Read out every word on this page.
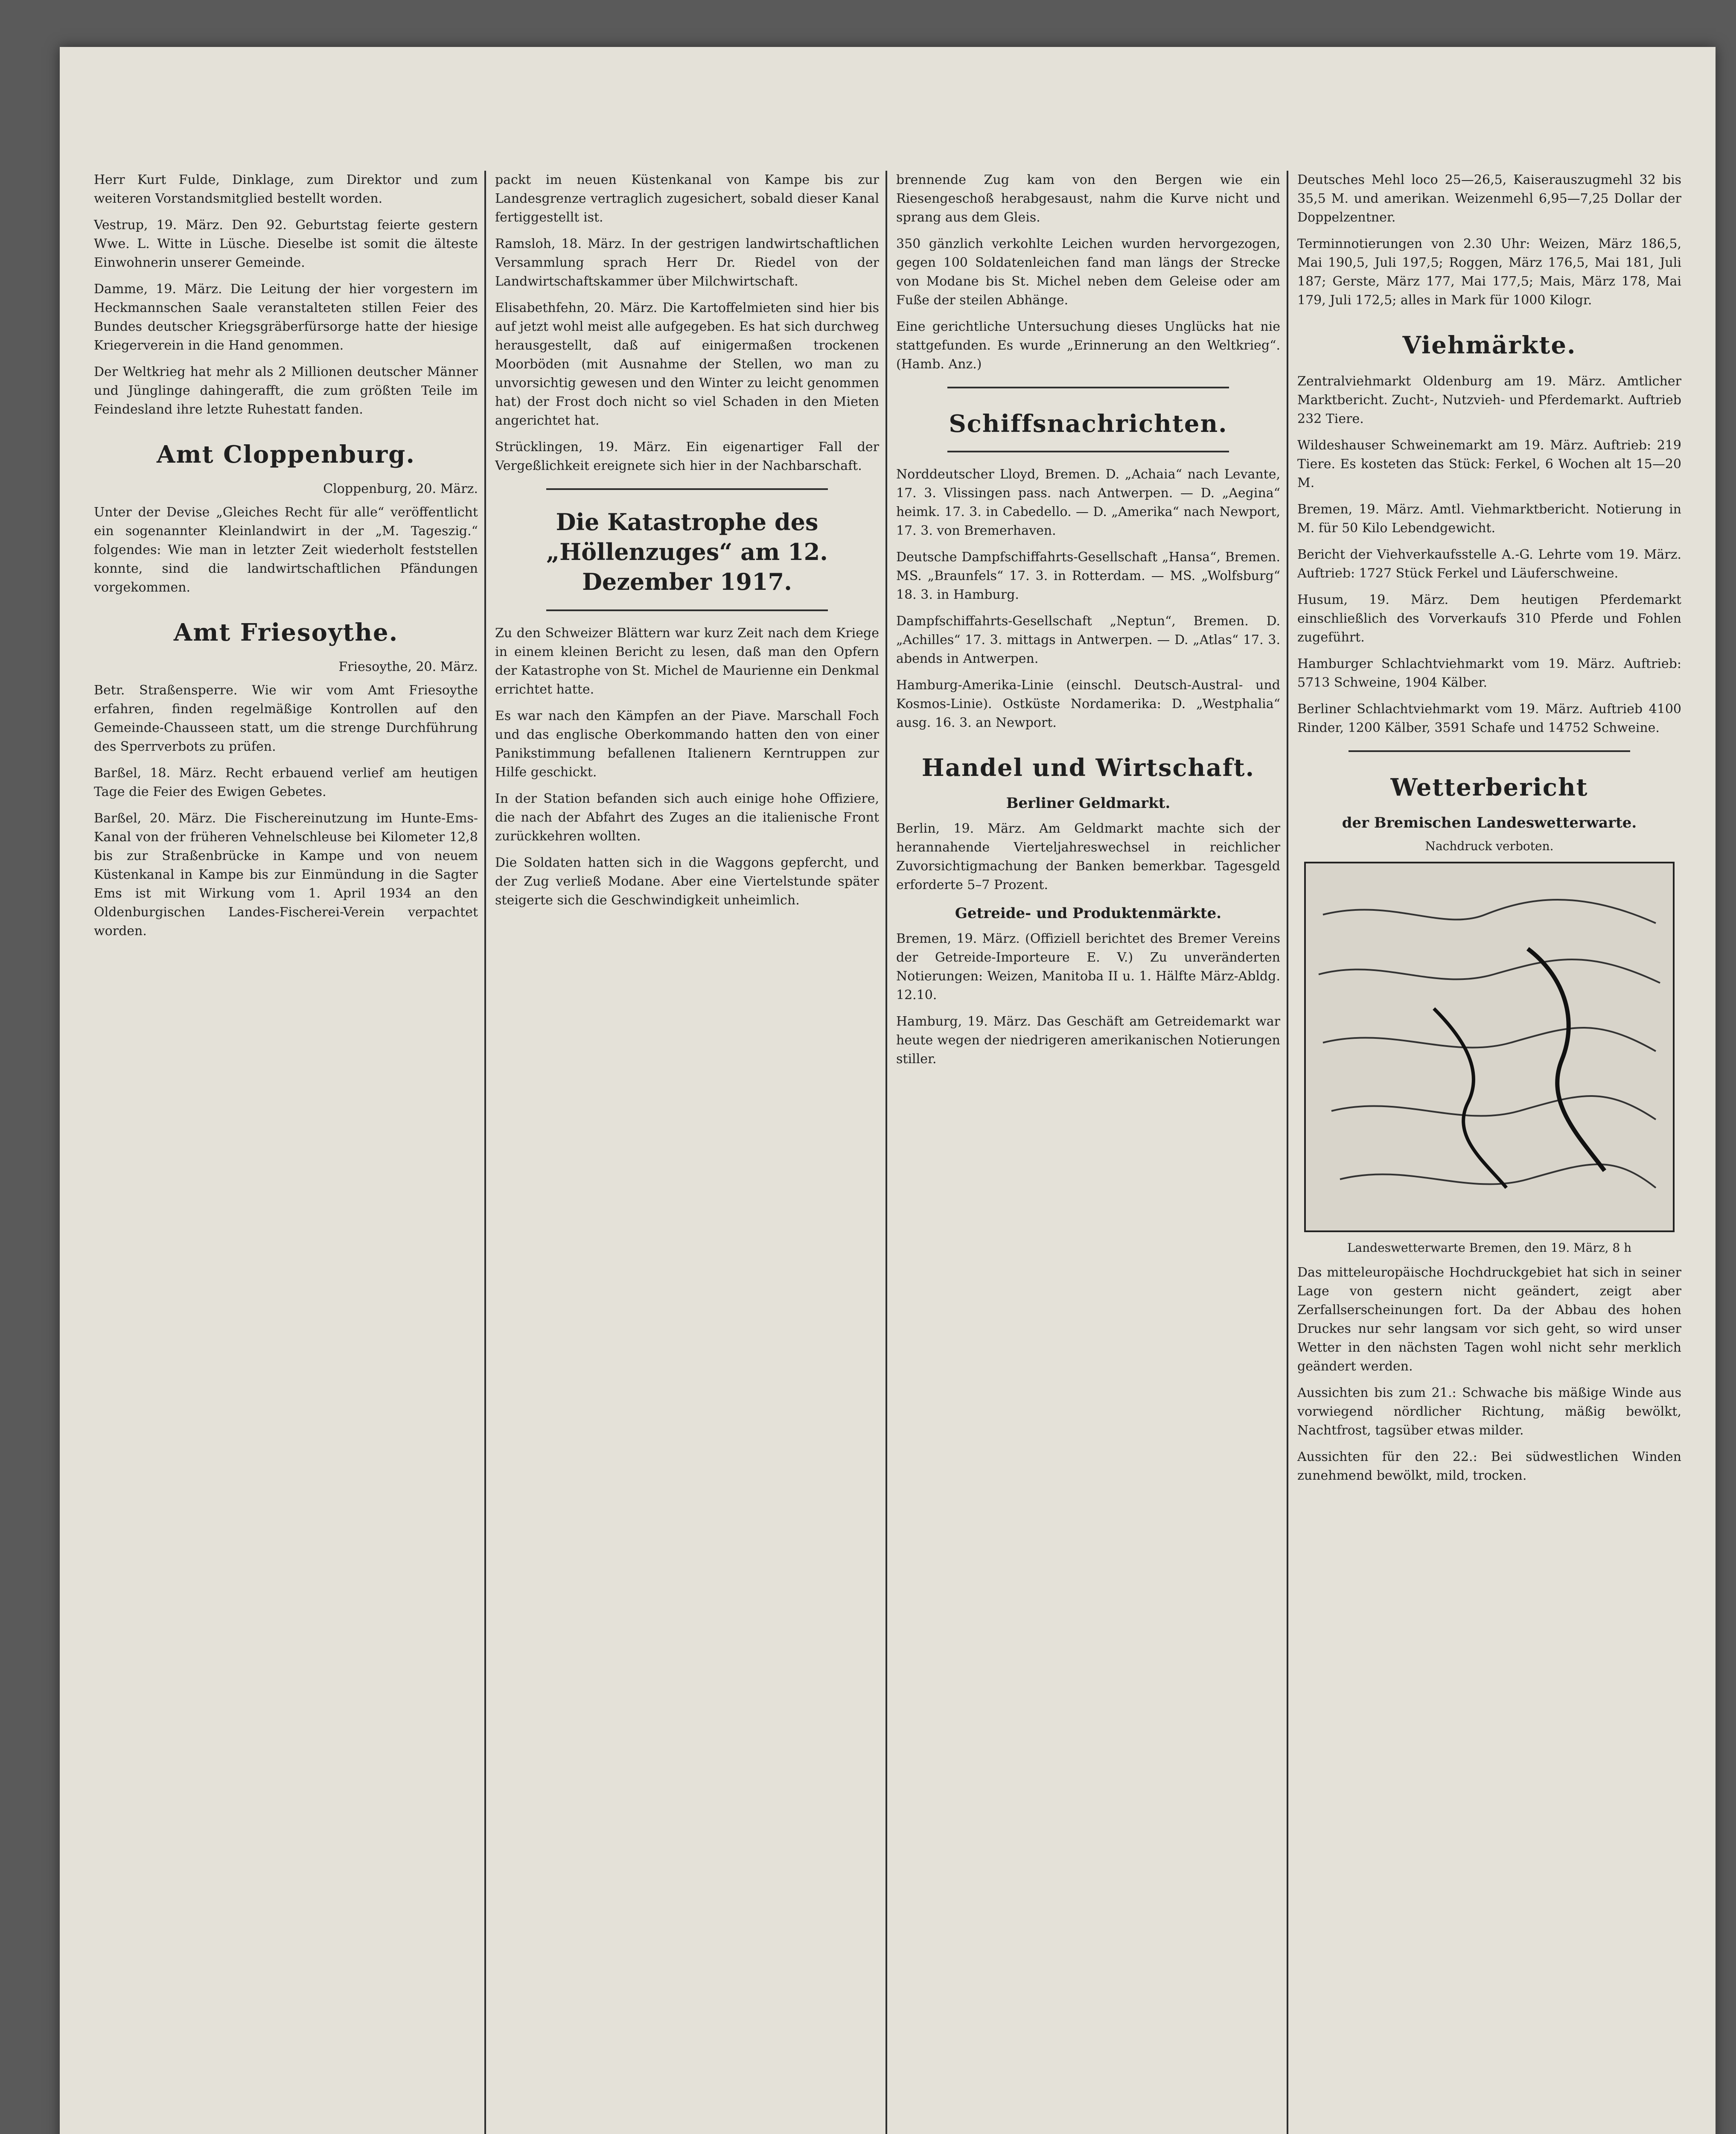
Herr Kurt Fulde, Dinklage, zum Direktor und zum weiteren Vorstandsmitglied bestellt worden.

Vestrup, 19. März. Den 92. Geburtstag feierte gestern Wwe. L. Witte in Lüsche. Dieselbe ist somit die älteste Einwohnerin unserer Gemeinde.

Damme, 19. März. Die Leitung der hier vorgestern im Heckmannschen Saale veranstalteten stillen Feier des Bundes deutscher Kriegsgräberfürsorge hatte der hiesige Kriegerverein in die Hand genommen.

Der Weltkrieg hat mehr als 2 Millionen deutscher Männer und Jünglinge dahingerafft, die zum größten Teile im Feindesland ihre letzte Ruhestatt fanden.

Amt Cloppenburg.
Cloppenburg, 20. März.

Unter der Devise „Gleiches Recht für alle“ veröffentlicht ein sogenannter Kleinlandwirt in der „M. Tageszig.“ folgendes: Wie man in letzter Zeit wiederholt feststellen konnte, sind die landwirtschaftlichen Pfändungen vorgekommen.

Amt Friesoythe.
Friesoythe, 20. März.

Betr. Straßensperre. Wie wir vom Amt Friesoythe erfahren, finden regelmäßige Kontrollen auf den Gemeinde-Chausseen statt, um die strenge Durchführung des Sperrverbots zu prüfen.

Barßel, 18. März. Recht erbauend verlief am heutigen Tage die Feier des Ewigen Gebetes.

Barßel, 20. März. Die Fischereinutzung im Hunte-Ems-Kanal von der früheren Vehnelschleuse bei Kilometer 12,8 bis zur Straßenbrücke in Kampe und von neuem Küstenkanal in Kampe bis zur Einmündung in die Sagter Ems ist mit Wirkung vom 1. April 1934 an den Oldenburgischen Landes-Fischerei-Verein verpachtet worden.

packt im neuen Küstenkanal von Kampe bis zur Landesgrenze vertraglich zugesichert, sobald dieser Kanal fertiggestellt ist.

Ramsloh, 18. März. In der gestrigen landwirtschaftlichen Versammlung sprach Herr Dr. Riedel von der Landwirtschaftskammer über Milchwirtschaft.

Elisabethfehn, 20. März. Die Kartoffelmieten sind hier bis auf jetzt wohl meist alle aufgegeben. Es hat sich durchweg herausgestellt, daß auf einigermaßen trockenen Moorböden (mit Ausnahme der Stellen, wo man zu unvorsichtig gewesen und den Winter zu leicht genommen hat) der Frost doch nicht so viel Schaden in den Mieten angerichtet hat.

Strücklingen, 19. März. Ein eigenartiger Fall der Vergeßlichkeit ereignete sich hier in der Nachbarschaft.

Die Katastrophe des „Höllenzuges“ am 12. Dezember 1917.

Zu den Schweizer Blättern war kurz Zeit nach dem Kriege in einem kleinen Bericht zu lesen, daß man den Opfern der Katastrophe von St. Michel de Maurienne ein Denkmal errichtet hatte.

Es war nach den Kämpfen an der Piave. Marschall Foch und das englische Oberkommando hatten den von einer Panikstimmung befallenen Italienern Kerntruppen zur Hilfe geschickt.

In der Station befanden sich auch einige hohe Offiziere, die nach der Abfahrt des Zuges an die italienische Front zurückkehren wollten.

Die Soldaten hatten sich in die Waggons gepfercht, und der Zug verließ Modane. Aber eine Viertelstunde später steigerte sich die Geschwindigkeit unheimlich.

brennende Zug kam von den Bergen wie ein Riesengeschoß herabgesaust, nahm die Kurve nicht und sprang aus dem Gleis.

350 gänzlich verkohlte Leichen wurden hervorgezogen, gegen 100 Soldatenleichen fand man längs der Strecke von Modane bis St. Michel neben dem Geleise oder am Fuße der steilen Abhänge.

Eine gerichtliche Untersuchung dieses Unglücks hat nie stattgefunden. Es wurde „Erinnerung an den Weltkrieg“. (Hamb. Anz.)

Schiffsnachrichten.

Norddeutscher Lloyd, Bremen. D. „Achaia“ nach Levante, 17. 3. Vlissingen pass. nach Antwerpen. — D. „Aegina“ heimk. 17. 3. in Cabedello. — D. „Amerika“ nach Newport, 17. 3. von Bremerhaven.

Deutsche Dampfschiffahrts-Gesellschaft „Hansa“, Bremen. MS. „Braunfels“ 17. 3. in Rotterdam. — MS. „Wolfsburg“ 18. 3. in Hamburg.

Dampfschiffahrts-Gesellschaft „Neptun“, Bremen. D. „Achilles“ 17. 3. mittags in Antwerpen. — D. „Atlas“ 17. 3. abends in Antwerpen.

Hamburg-Amerika-Linie (einschl. Deutsch-Austral- und Kosmos-Linie). Ostküste Nordamerika: D. „Westphalia“ ausg. 16. 3. an Newport.

Handel und Wirtschaft.
Berliner Geldmarkt.

Berlin, 19. März. Am Geldmarkt machte sich der herannahende Vierteljahreswechsel in reichlicher Zuvorsichtigmachung der Banken bemerkbar. Tagesgeld erforderte 5–7 Prozent.

Getreide- und Produktenmärkte.

Bremen, 19. März. (Offiziell berichtet des Bremer Vereins der Getreide-Importeure E. V.) Zu unveränderten Notierungen: Weizen, Manitoba II u. 1. Hälfte März-Abldg. 12.10.

Hamburg, 19. März. Das Geschäft am Getreidemarkt war heute wegen der niedrigeren amerikanischen Notierungen stiller.

Deutsches Mehl loco 25—26,5, Kaiserauszugmehl 32 bis 35,5 M. und amerikan. Weizenmehl 6,95—7,25 Dollar der Doppelzentner.

Terminnotierungen von 2.30 Uhr: Weizen, März 186,5, Mai 190,5, Juli 197,5; Roggen, März 176,5, Mai 181, Juli 187; Gerste, März 177, Mai 177,5; Mais, März 178, Mai 179, Juli 172,5; alles in Mark für 1000 Kilogr.

Viehmärkte.

Zentralviehmarkt Oldenburg am 19. März. Amtlicher Marktbericht. Zucht-, Nutzvieh- und Pferdemarkt. Auftrieb 232 Tiere.

Wildeshauser Schweinemarkt am 19. März. Auftrieb: 219 Tiere. Es kosteten das Stück: Ferkel, 6 Wochen alt 15—20 M.

Bremen, 19. März. Amtl. Viehmarktbericht. Notierung in M. für 50 Kilo Lebendgewicht.

Bericht der Viehverkaufsstelle A.-G. Lehrte vom 19. März. Auftrieb: 1727 Stück Ferkel und Läuferschweine.

Husum, 19. März. Dem heutigen Pferdemarkt einschließlich des Vorverkaufs 310 Pferde und Fohlen zugeführt.

Hamburger Schlachtviehmarkt vom 19. März. Auftrieb: 5713 Schweine, 1904 Kälber.

Berliner Schlachtviehmarkt vom 19. März. Auftrieb 4100 Rinder, 1200 Kälber, 3591 Schafe und 14752 Schweine.

Wetterbericht
der Bremischen Landeswetterwarte.
Nachdruck verboten.
Landeswetterwarte Bremen, den 19. März, 8 h

Das mitteleuropäische Hochdruckgebiet hat sich in seiner Lage von gestern nicht geändert, zeigt aber Zerfallserscheinungen fort. Da der Abbau des hohen Druckes nur sehr langsam vor sich geht, so wird unser Wetter in den nächsten Tagen wohl nicht sehr merklich geändert werden.

Aussichten bis zum 21.: Schwache bis mäßige Winde aus vorwiegend nördlicher Richtung, mäßig bewölkt, Nachtfrost, tagsüber etwas milder.

Aussichten für den 22.: Bei südwestlichen Winden zunehmend bewölkt, mild, trocken.
